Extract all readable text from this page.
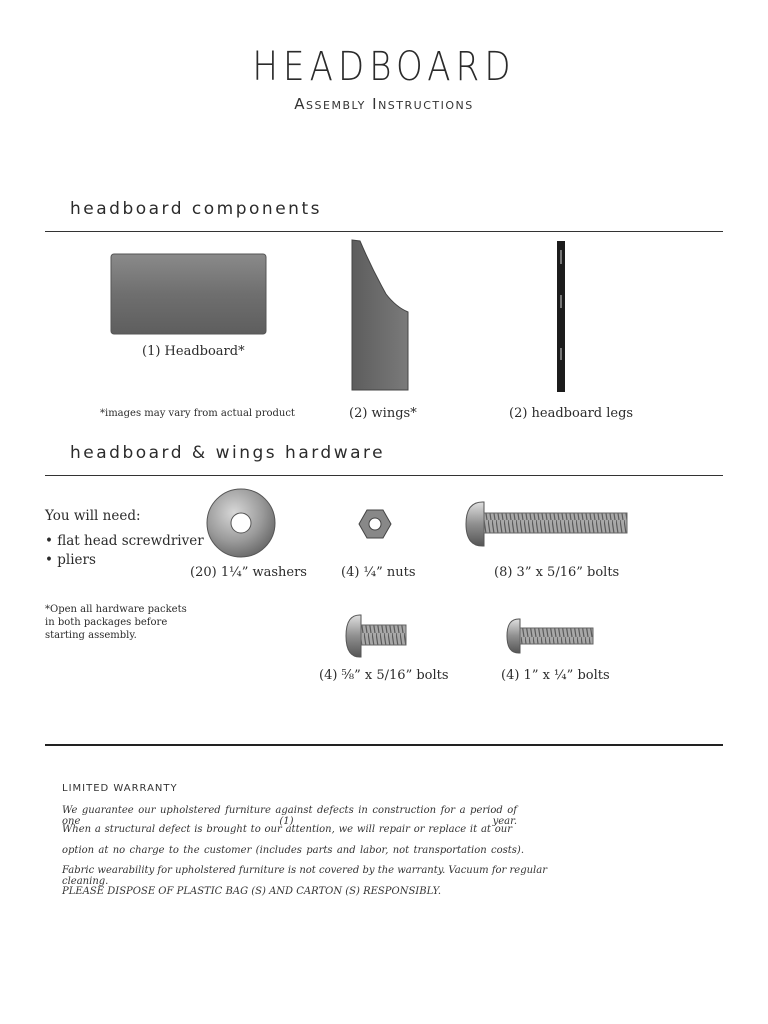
HEADBOARD
Assembly Instructions
headboard components
(1) Headboard*
(2) wings*	(2) headboard legs
*images may vary from actual product
headboard & wings hardware
You will need:
• flat head screwdriver
• pliers
*Open all hardware packets
in both packages before
starting assembly.
(20) 1¼” washers	(4) ¼” nuts	(8) 3” x 5/16” bolts
(4) ⅝” x 5/16” bolts	(4) 1” x ¼” bolts
LIMITED WARRANTY
We guarantee our upholstered furniture against defects in construction for a period of one (1) year.
When a structural defect is brought to our attention, we will repair or replace it at our
option at no charge to the customer (includes parts and labor, not transportation costs).
Fabric wearability for upholstered furniture is not covered by the warranty. Vacuum for regular cleaning.
PLEASE DISPOSE OF PLASTIC BAG (S) AND CARTON (S) RESPONSIBLY.
